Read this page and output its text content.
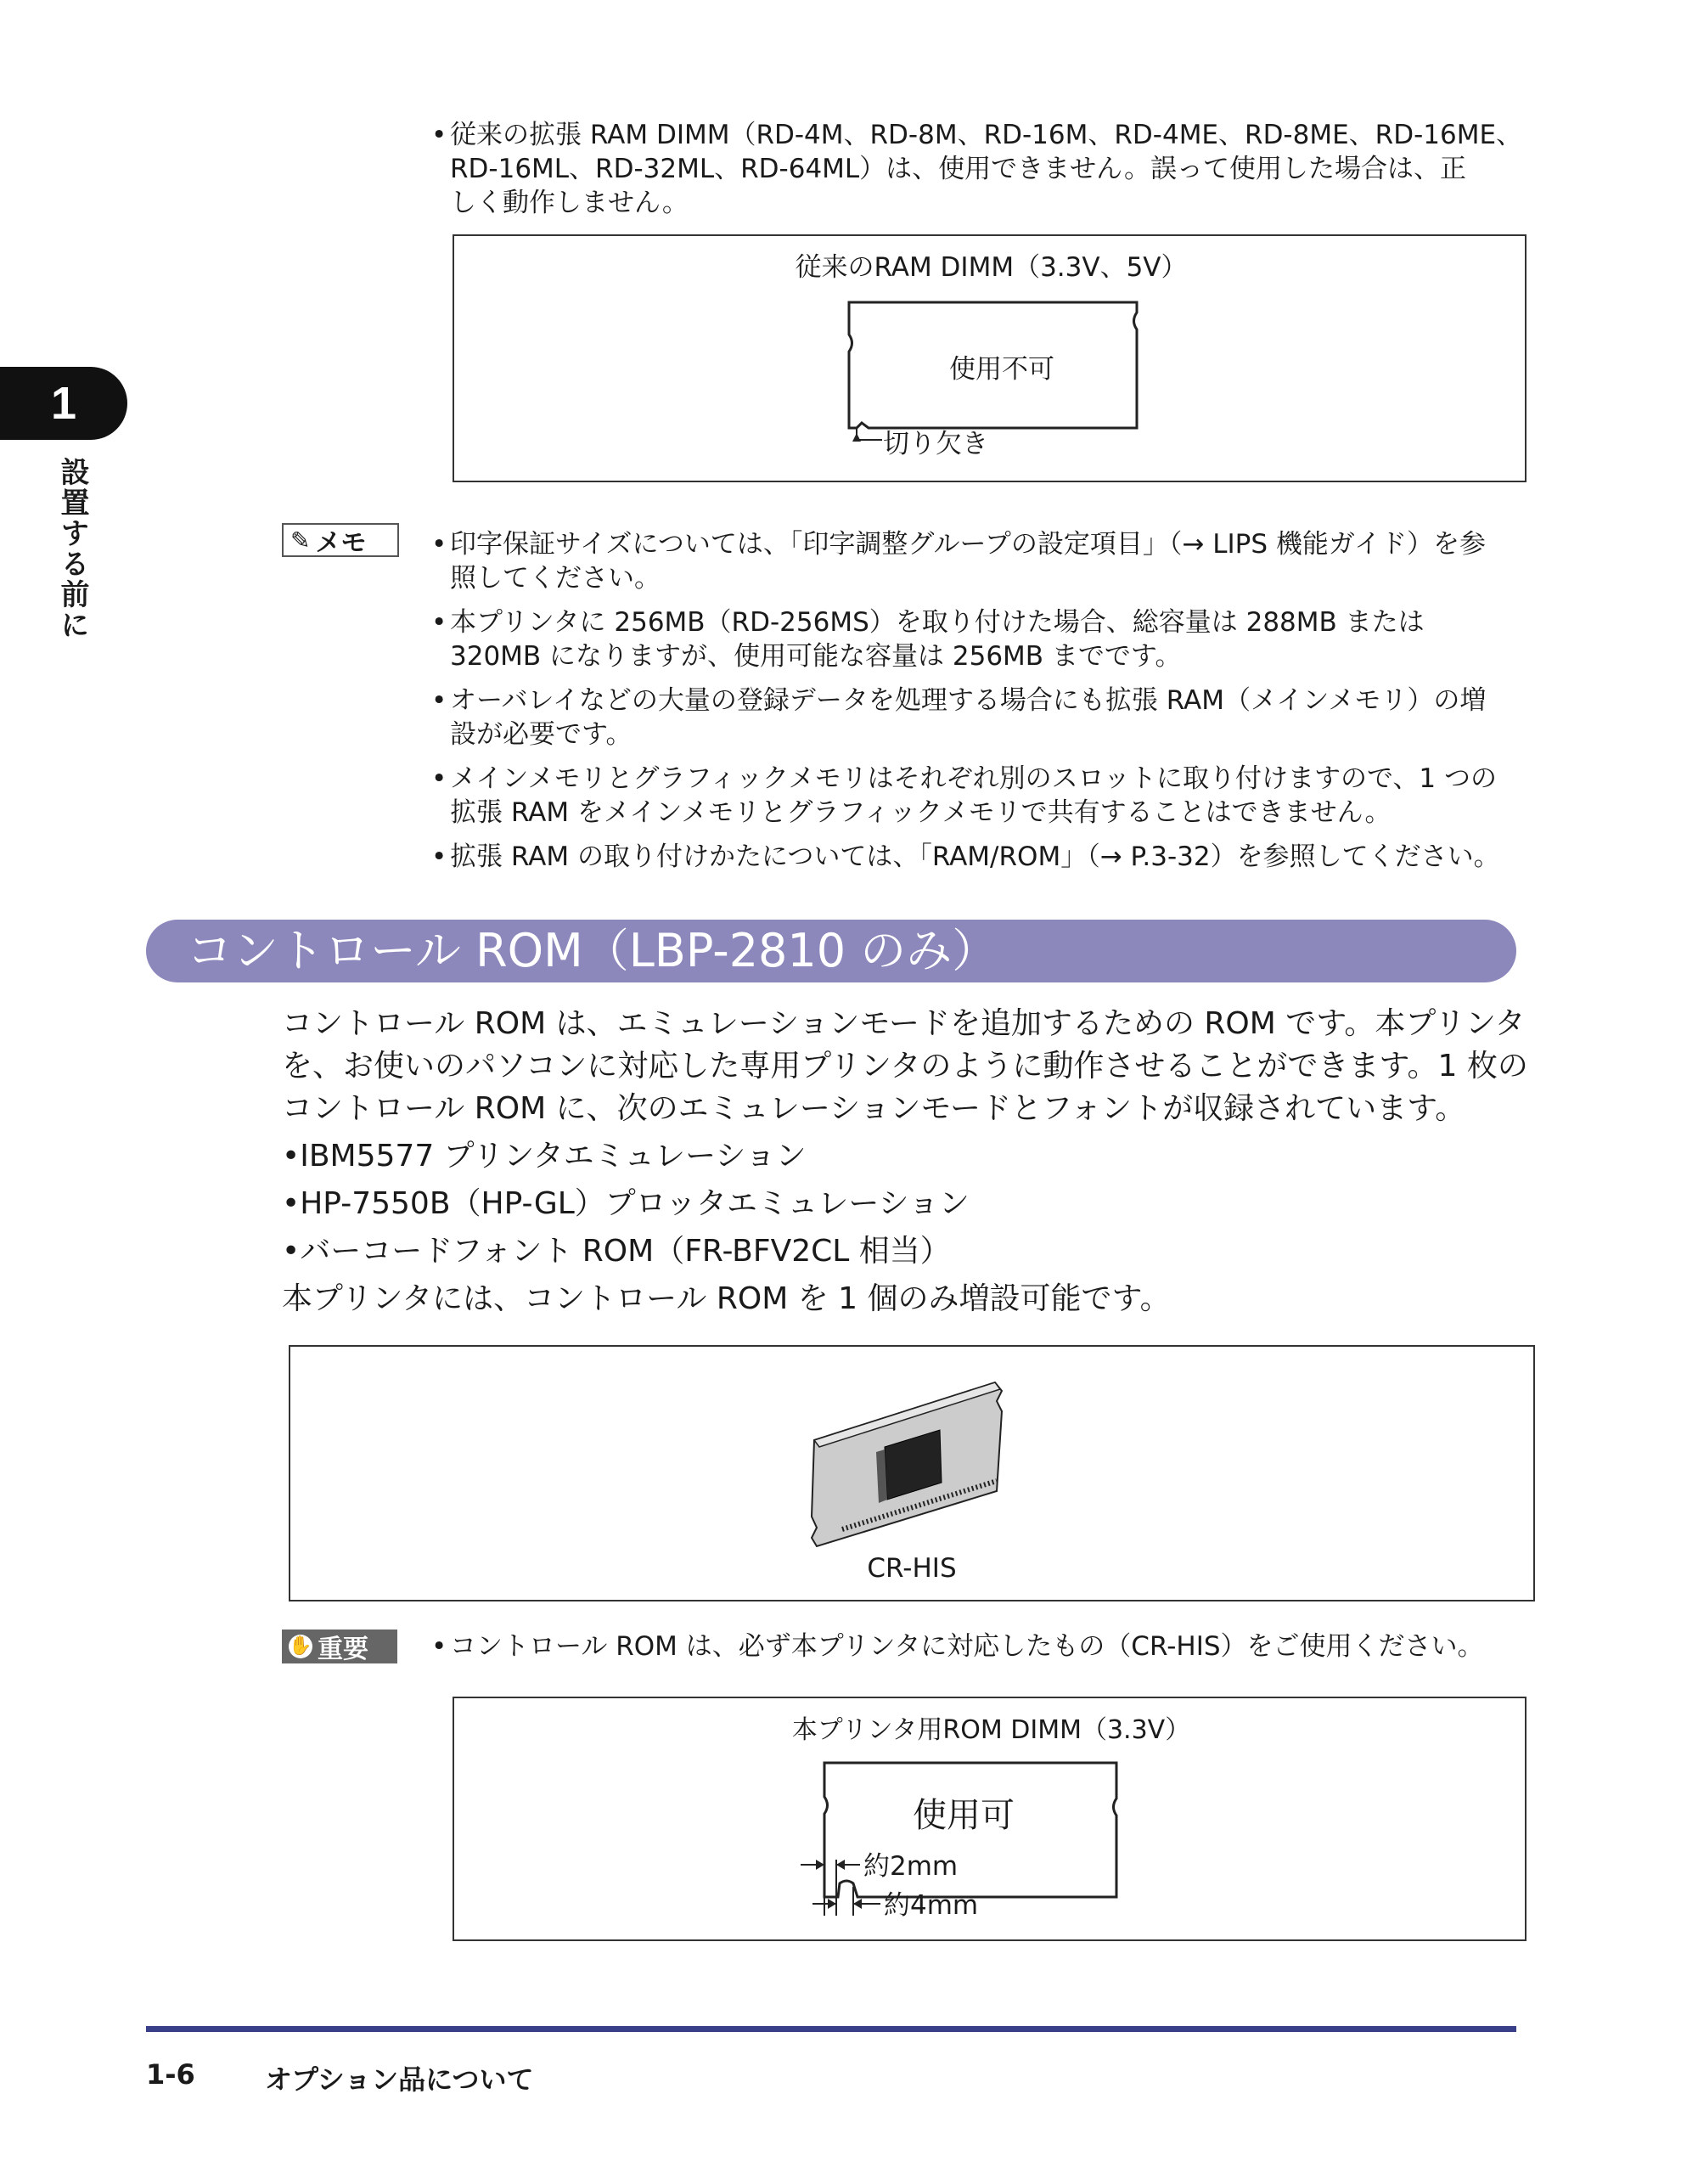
1
設置する前に
• 従来の拡張 RAM DIMM（RD-4M、RD-8M、RD-16M、RD-4ME、RD-8ME、RD-16ME、
RD-16ML、RD-32ML、RD-64ML）は、使用できません。誤って使用した場合は、正
しく動作しません。
従来のRAM DIMM（3.3V、5V）
使用不可
切り欠き
✎ メモ • 印字保証サイズについては、「印字調整グループの設定項目」（→ LIPS 機能ガイド）を参
照してください。
• 本プリンタに 256MB（RD-256MS）を取り付けた場合、総容量は 288MB または
320MB になりますが、使用可能な容量は 256MB までです。
• オーバレイなどの大量の登録データを処理する場合にも拡張 RAM（メインメモリ）の増
設が必要です。
• メインメモリとグラフィックメモリはそれぞれ別のスロットに取り付けますので、1 つの
拡張 RAM をメインメモリとグラフィックメモリで共有することはできません。
• 拡張 RAM の取り付けかたについては、「RAM/ROM」（→ P.3-32）を参照してください。
コントロール ROM（LBP-2810 のみ）
コントロール ROM は、エミュレーションモードを追加するための ROM です。本プリンタ
を、お使いのパソコンに対応した専用プリンタのように動作させることができます。1 枚の
コントロール ROM に、次のエミュレーションモードとフォントが収録されています。
•IBM5577 プリンタエミュレーション
•HP-7550B（HP-GL）プロッタエミュレーション
•バーコードフォント ROM（FR-BFV2CL 相当）
本プリンタには、コントロール ROM を 1 個のみ増設可能です。
CR-HIS
✋ 重要 • コントロール ROM は、必ず本プリンタに対応したもの（CR-HIS）をご使用ください。
本プリンタ用ROM DIMM（3.3V）
使用可
約2mm
約4mm
1-6	オプション品について
